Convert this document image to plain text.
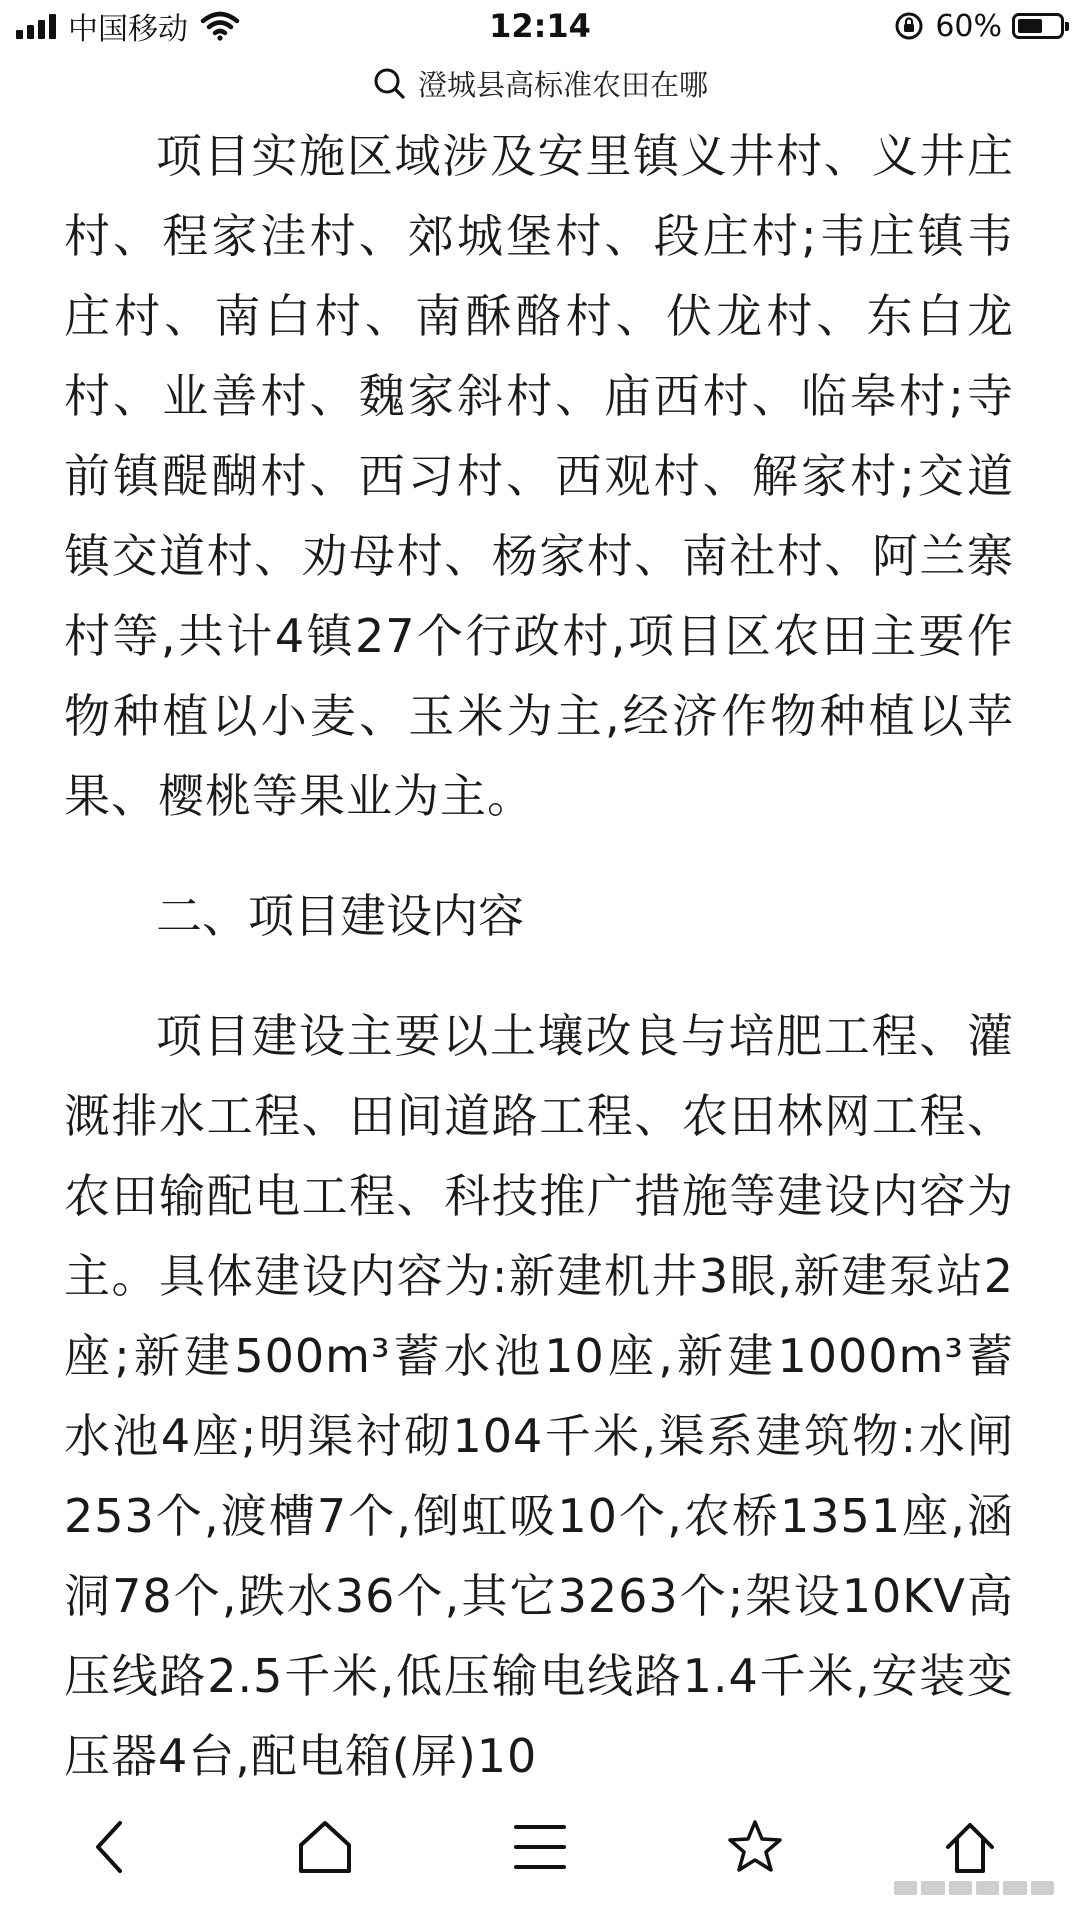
中国移动	12:14	60%
澄城县高标准农田在哪

项目实施区域涉及安里镇义井村、义井庄村、程家洼村、郊城堡村、段庄村;韦庄镇韦庄村、南白村、南酥酪村、伏龙村、东白龙村、业善村、魏家斜村、庙西村、临皋村;寺前镇醍醐村、西习村、西观村、解家村;交道镇交道村、劝母村、杨家村、南社村、阿兰寨村等,共计4镇27个行政村,项目区农田主要作物种植以小麦、玉米为主,经济作物种植以苹果、樱桃等果业为主。

二、项目建设内容

项目建设主要以土壤改良与培肥工程、灌溉排水工程、田间道路工程、农田林网工程、农田输配电工程、科技推广措施等建设内容为主。具体建设内容为:新建机井3眼,新建泵站2座;新建500m³蓄水池10座,新建1000m³蓄水池4座;明渠衬砌104千米,渠系建筑物:水闸253个,渡槽7个,倒虹吸10个,农桥1351座,涵洞78个,跌水36个,其它3263个;架设10KV高压线路2.5千米,低压输电线路1.4千米,安装变压器4台,配电箱(屏)10
